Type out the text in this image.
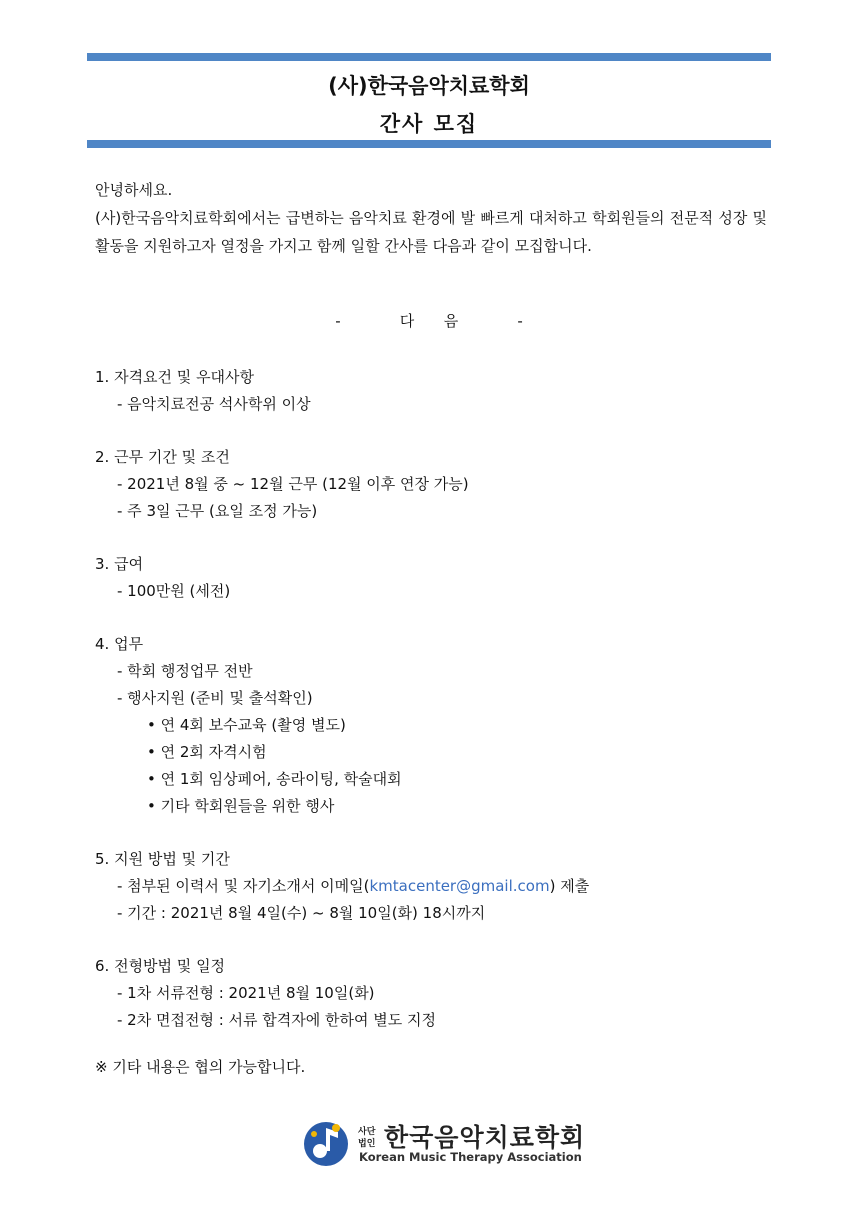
(사)한국음악치료학회
간사 모집

안녕하세요.

(사)한국음악치료학회에서는 급변하는 음악치료 환경에 발 빠르게 대처하고 학회원들의 전문적 성장 및 활동을 지원하고자 열정을 가지고 함께 일할 간사를 다음과 같이 모집합니다.

-    다  음    -

1. 자격요건 및 우대사항

- 음악치료전공 석사학위 이상

2. 근무 기간 및 조건

- 2021년 8월 중 ~ 12월 근무 (12월 이후 연장 가능)

- 주 3일 근무 (요일 조정 가능)

3. 급여

- 100만원 (세전)

4. 업무

- 학회 행정업무 전반

- 행사지원 (준비 및 출석확인)

• 연 4회 보수교육 (촬영 별도)

• 연 2회 자격시험

• 연 1회 임상페어, 송라이팅, 학술대회

• 기타 학회원들을 위한 행사

5. 지원 방법 및 기간

- 첨부된 이력서 및 자기소개서 이메일(kmtacenter@gmail.com) 제출

- 기간 : 2021년 8월 4일(수) ~ 8월 10일(화) 18시까지

6. 전형방법 및 일정

- 1차 서류전형 : 2021년 8월 10일(화)

- 2차 면접전형 : 서류 합격자에 한하여 별도 지정

※ 기타 내용은 협의 가능합니다.
사단
법인 한국음악치료학회
Korean Music Therapy Association
